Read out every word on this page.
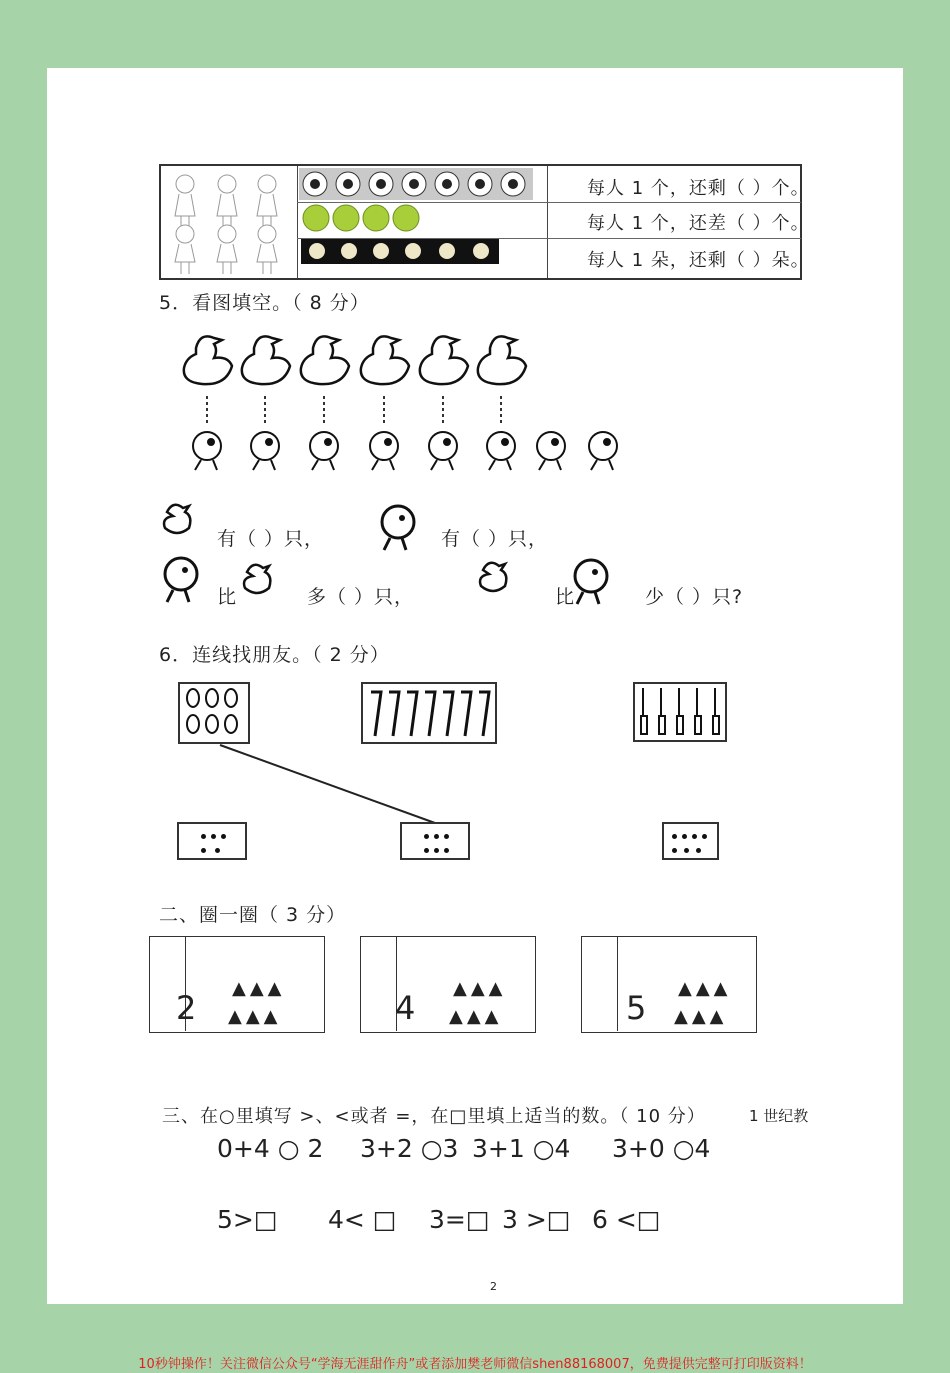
每人 1 个，还剩（ ）个。
每人 1 个，还差（ ）个。
每人 1 朵，还剩（ ）朵。
5．看图填空。（ 8 分）
有（ ）只，	有（ ）只，
比	多（ ）只，	比	少（ ）只?
6．连线找朋友。（ 2 分）
二、圈一圈（ 3 分）
2
▲▲▲
▲▲▲	4
▲▲▲
▲▲▲	5
▲▲▲
▲▲▲
三、在○里填写 >、<或者 =，在□里填上适当的数。（ 10 分）	1 世纪教
0+4 ○ 2 3+2 ○3 3+1 ○4 3+0 ○4
5>□ 4< □ 3=□ 3 >□ 6 <□
2
10秒钟操作！关注微信公众号“学海无涯甜作舟”或者添加樊老师微信shen88168007，免费提供完整可打印版资料！
